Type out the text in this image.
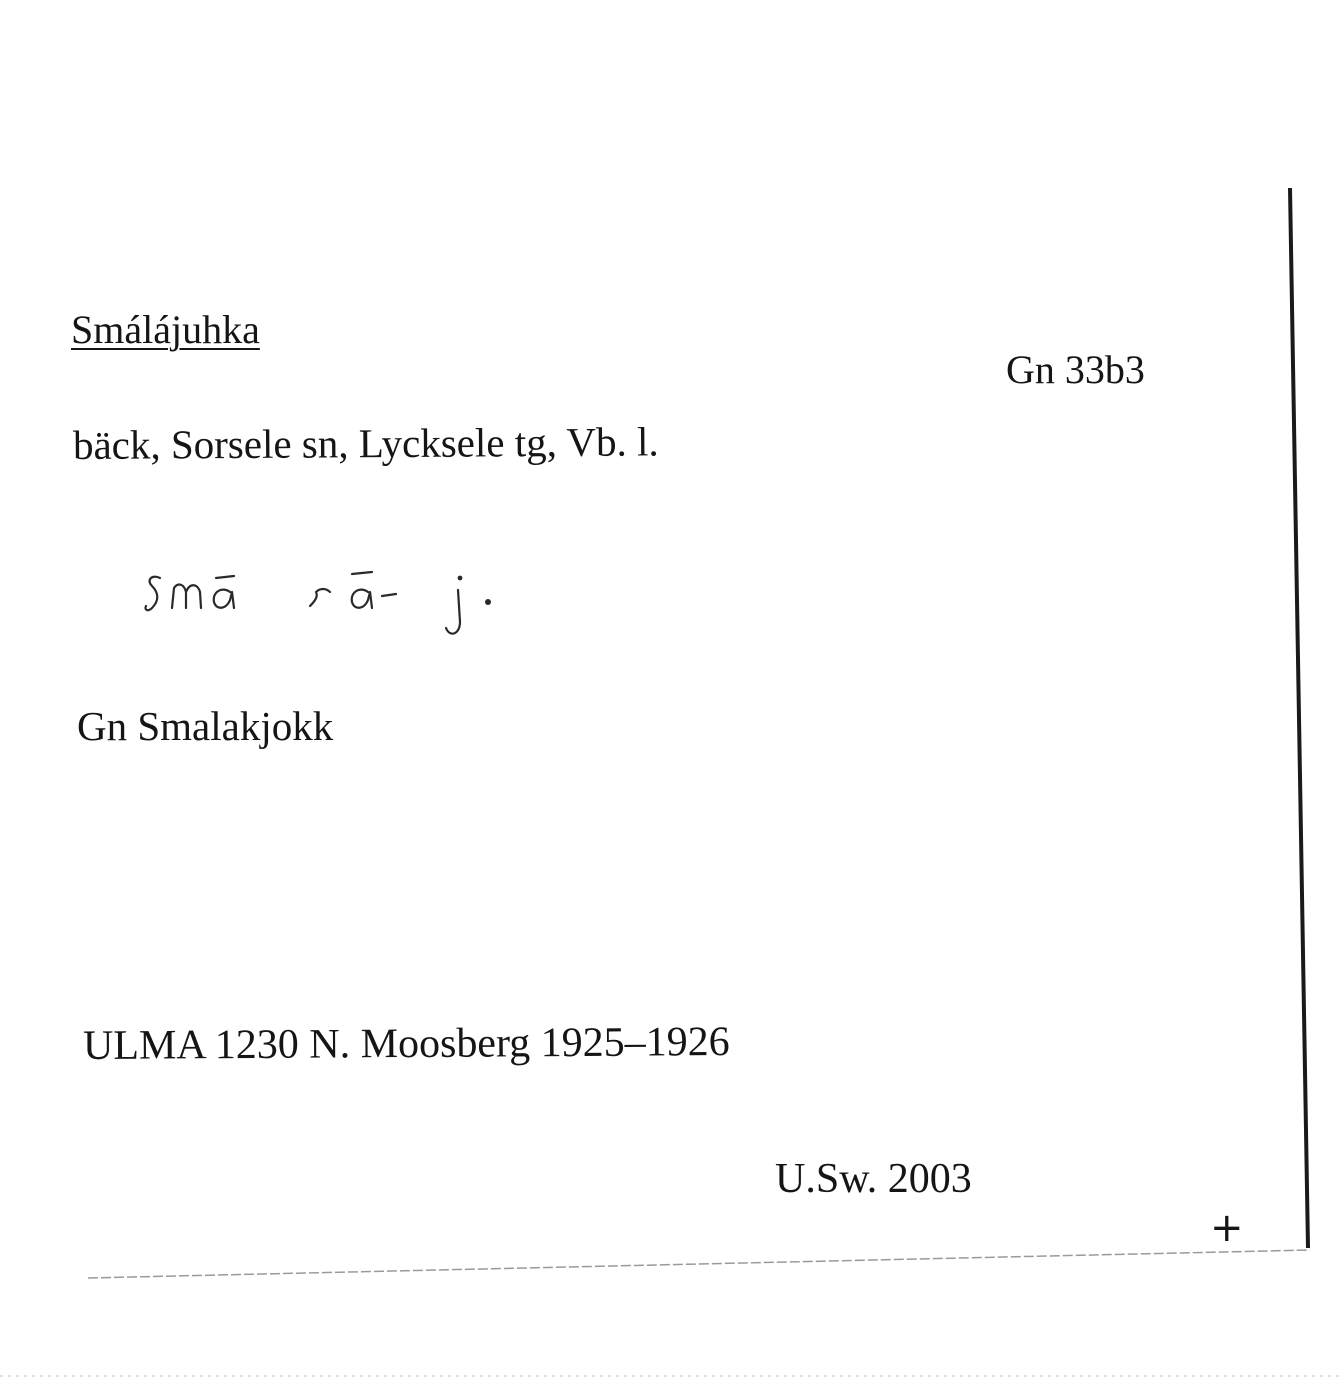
Smálájuhka
Gn 33b3
bäck, Sorsele sn, Lycksele tg, Vb. l.
Gn Smalakjokk
ULMA 1230 N. Moosberg 1925–1926
U.Sw. 2003
+
